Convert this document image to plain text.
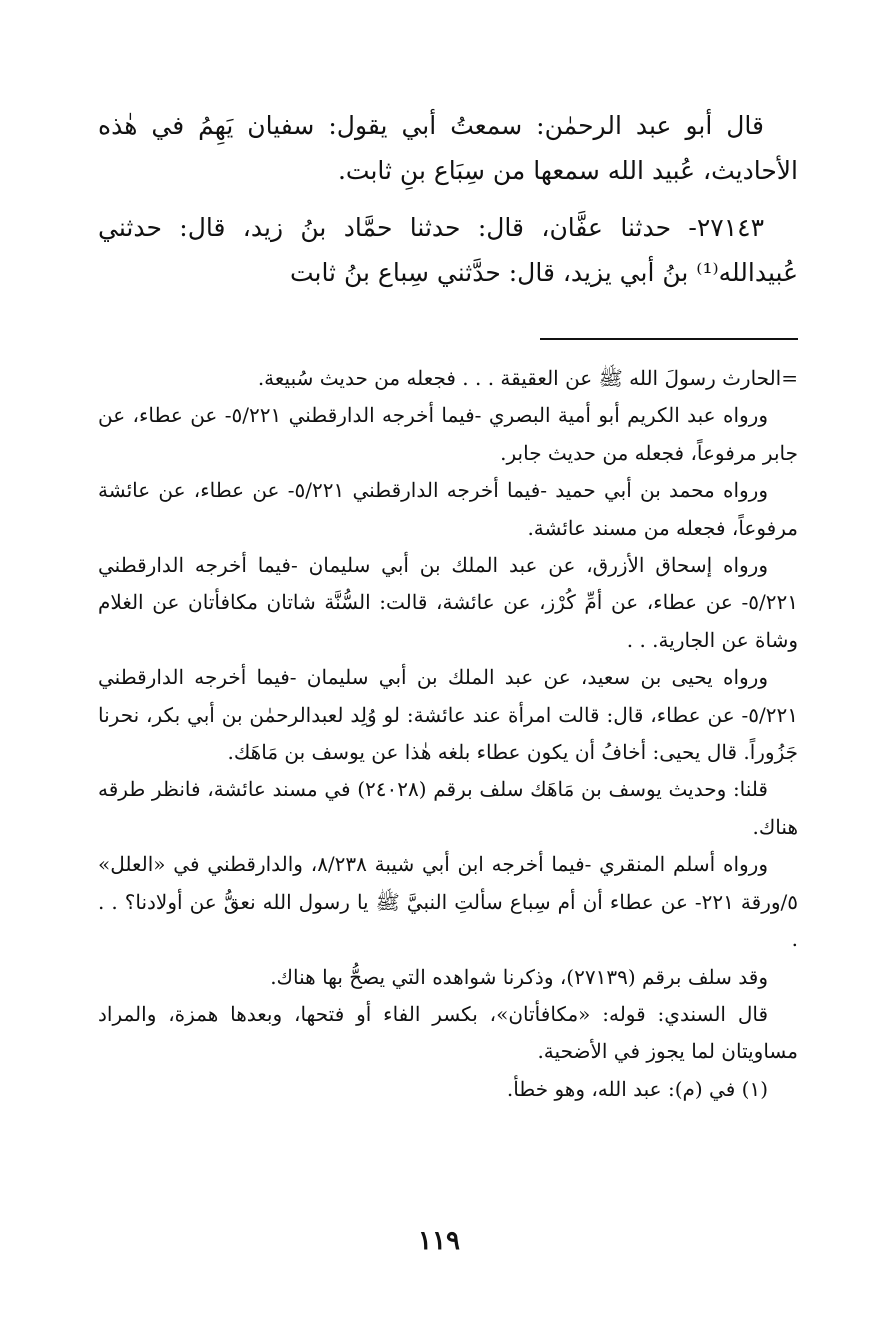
قال أبو عبد الرحمٰن: سمعتُ أبي يقول: سفيان يَهِمُ في هٰذه الأحاديث، عُبيد الله سمعها من سِبَاع بنِ ثابت.

٢٧١٤٣- حدثنا عفَّان، قال: حدثنا حمَّاد بنُ زيد، قال: حدثني عُبيدالله⁽¹⁾ بنُ أبي يزيد، قال: حدَّثني سِباع بنُ ثابت

=الحارث رسولَ الله ﷺ عن العقيقة . . . فجعله من حديث سُبيعة.

ورواه عبد الكريم أبو أمية البصري -فيما أخرجه الدارقطني ٥/٢٢١- عن عطاء، عن جابر مرفوعاً، فجعله من حديث جابر.

ورواه محمد بن أبي حميد -فيما أخرجه الدارقطني ٥/٢٢١- عن عطاء، عن عائشة مرفوعاً، فجعله من مسند عائشة.

ورواه إسحاق الأزرق، عن عبد الملك بن أبي سليمان -فيما أخرجه الدارقطني ٥/٢٢١- عن عطاء، عن أمِّ كُرْز، عن عائشة، قالت: السُّنَّة شاتان مكافأتان عن الغلام وشاة عن الجارية. . .

ورواه يحيى بن سعيد، عن عبد الملك بن أبي سليمان -فيما أخرجه الدارقطني ٥/٢٢١- عن عطاء، قال: قالت امرأة عند عائشة: لو وُلِد لعبدالرحمٰن بن أبي بكر، نحرنا جَزُوراً. قال يحيى: أخافُ أن يكون عطاء بلغه هٰذا عن يوسف بن مَاهَك.

قلنا: وحديث يوسف بن مَاهَك سلف برقم (٢٤٠٢٨) في مسند عائشة، فانظر طرقه هناك.

ورواه أسلم المنقري -فيما أخرجه ابن أبي شيبة ٨/٢٣٨، والدارقطني في «العلل» ٥/ورقة ٢٢١- عن عطاء أن أم سِباع سألتِ النبيَّ ﷺ يا رسول الله نعقُّ عن أولادنا؟ . . .

وقد سلف برقم (٢٧١٣٩)، وذكرنا شواهده التي يصحُّ بها هناك.

قال السندي: قوله: «مكافأتان»، بكسر الفاء أو فتحها، وبعدها همزة، والمراد مساويتان لما يجوز في الأضحية.

(١) في (م): عبد الله، وهو خطأ.

١١٩
